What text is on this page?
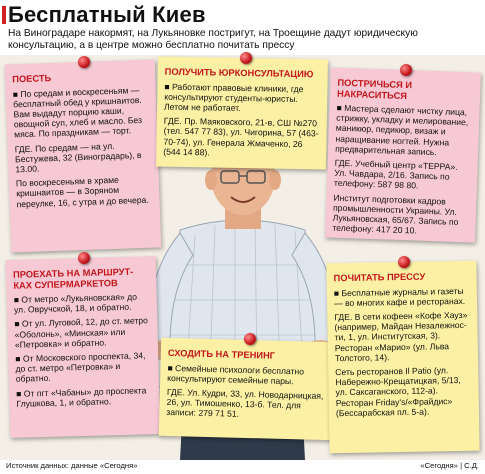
Бесплатный Киев
На Виноградаре накормят, на Лукьяновке постригут, на Троещине дадут юридическую консультацию, а в центре можно бесплатно почитать прессу
ПОЕСТЬ

■ По средам и воскресеньям — бесплатный обед у кришнаитов. Вам выдадут порцию каши, овощной суп, хлеб и масло. Без мяса. По праздникам — торт.

ГДЕ. По средам — на ул. Бестужева, 32 (Виноградарь), в 13.00.

По воскресеньям в храме кришнаитов — в Зоряном переулке, 16, с утра и до вечера.

ПОЛУЧИТЬ ЮРКОНСУЛЬТАЦИЮ

■ Работают правовые клиники, где консультируют студенты-юристы. Летом не работает.

ГДЕ. Пр. Маяковского, 21-в, СШ №270 (тел. 547 77 83), ул. Чигорина, 57 (463-70-74), ул. Генерала Жмаченко, 26 (544 14 88).

ПОСТРИЧЬСЯ И НАКРАСИТЬСЯ

■ Мастера сделают чистку лица, стрижку, укладку и мелирование, маникюр, педикюр, визаж и наращивание ногтей. Нужна предварительная запись.

ГДЕ. Учебный центр «ТЕРРА». Ул. Чавдара, 2/16. Запись по телефону: 587 98 80.

Институт подготовки кадров промышленности Украины. Ул. Лукьяновская, 65/67. Запись по телефону: 417 20 10.

ПРОЕХАТЬ НА МАРШРУТ-КАХ СУПЕРМАРКЕТОВ

■ От метро «Лукьяновская» до ул. Овручской, 18, и обратно.

■ От ул. Луговой, 12, до ст. метро «Оболонь», «Минская» или «Петровка» и обратно.

■ От Московского проспекта, 34, до ст. метро «Петровка» и обратно.

■ От пгт «Чабаны» до проспекта Глушкова, 1, и обратно.

СХОДИТЬ НА ТРЕНИНГ

■ Семейные психологи бесплатно консультируют семейные пары.

ГДЕ. Ул. Кудри, 33, ул. Новодарницкая, 26, ул. Тимошенко, 13-б. Тел. для записи: 279 71 51.

ПОЧИТАТЬ ПРЕССУ

■ Бесплатные журналы и газеты — во многих кафе и ресторанах.

ГДЕ. В сети кофеен «Кофе Хауз» (например, Майдан Незалежнос-ти, 1, ул. Институтская, 3). Ресторан «Марио» (ул. Льва Толстого, 14).

Сеть ресторанов Il Patio (ул. Набережно-Крещатицкая, 5/13, ул. Саксаганского, 112-а). Ресторан Friday's/«Фрайдис» (Бессарабская пл. 5-а).

Источник данных: данные «Сегодня»	«Сегодня» | С.Д.
